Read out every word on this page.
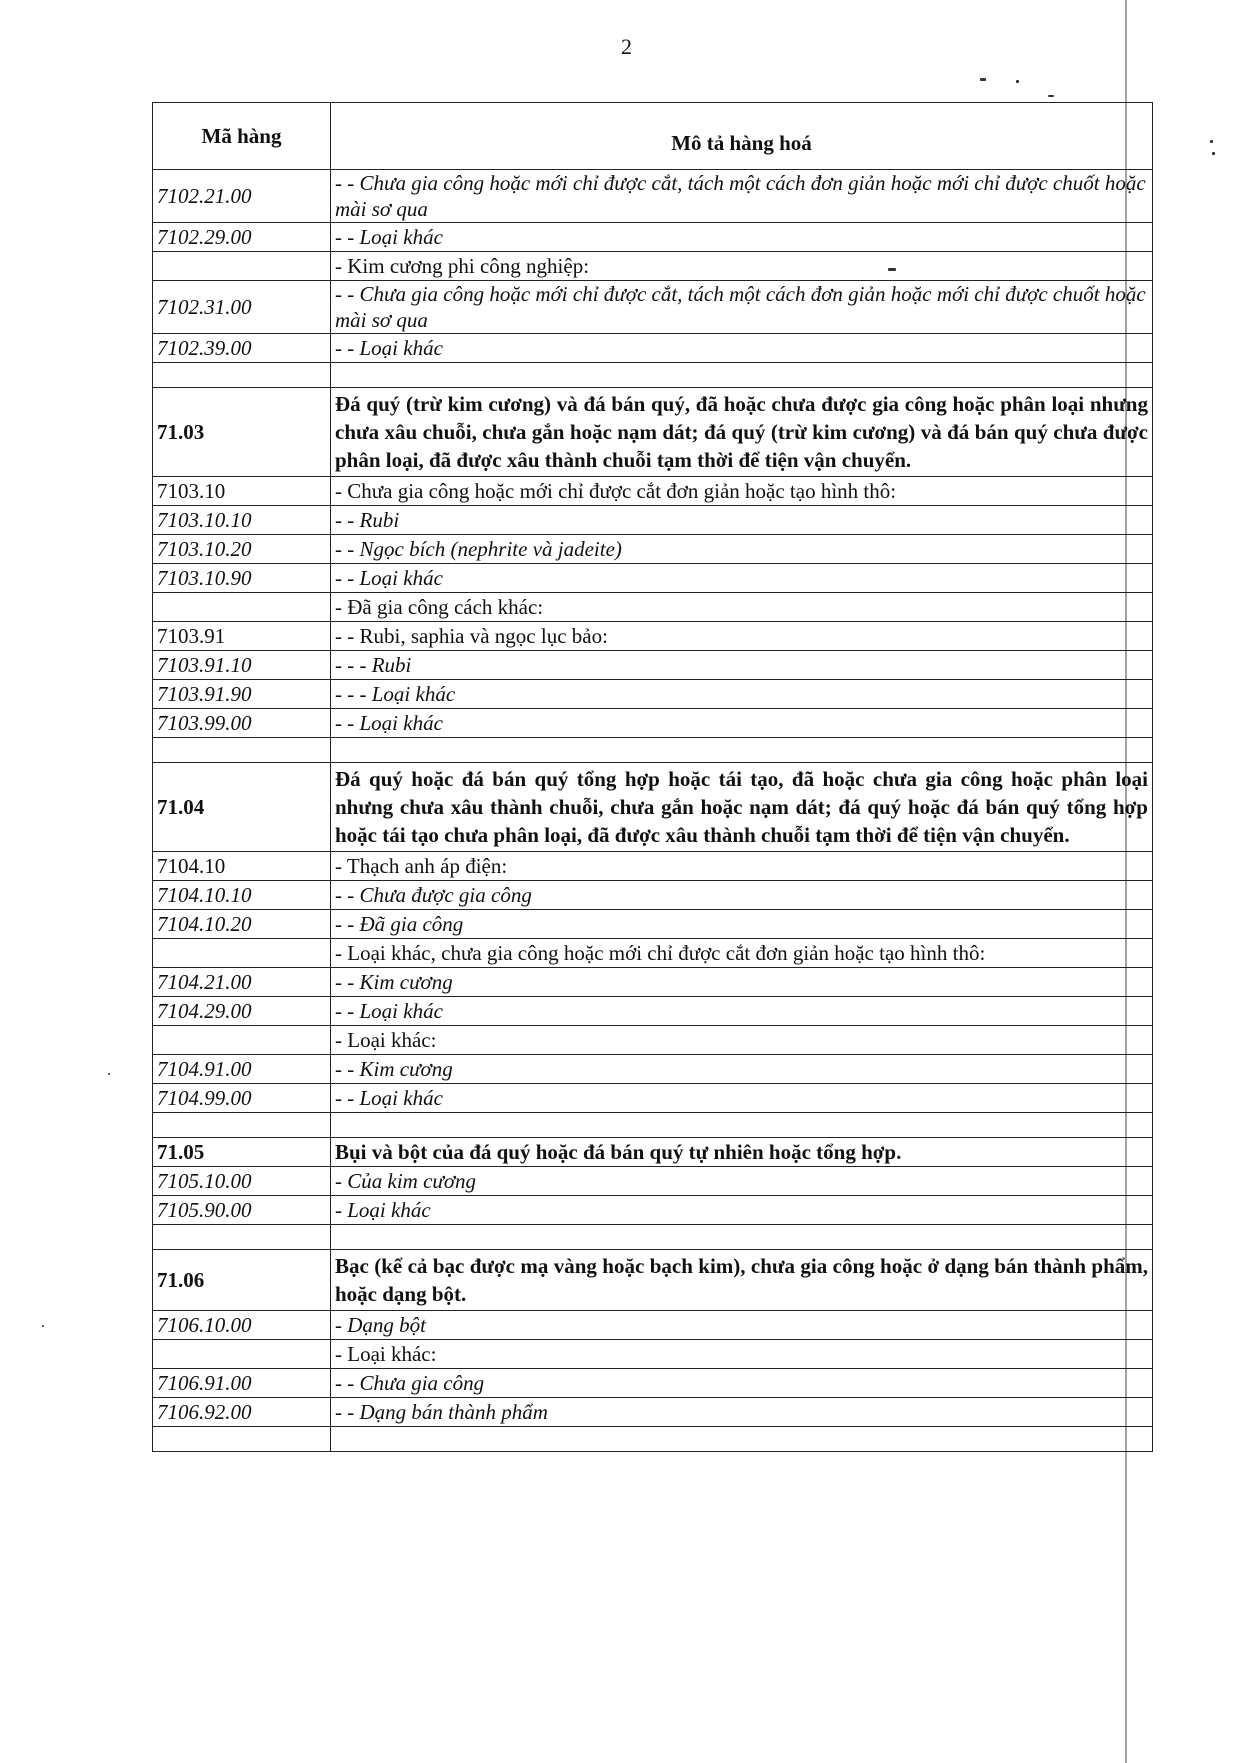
2
Mã hàng	Mô tả hàng hoá
7102.21.00	- - Chưa gia công hoặc mới chỉ được cắt, tách một cách đơn giản hoặc mới chỉ được chuốt hoặc mài sơ qua
7102.29.00	- - Loại khác
	- Kim cương phi công nghiệp:
7102.31.00	- - Chưa gia công hoặc mới chỉ được cắt, tách một cách đơn giản hoặc mới chỉ được chuốt hoặc mài sơ qua
7102.39.00	- - Loại khác

71.03	Đá quý (trừ kim cương) và đá bán quý, đã hoặc chưa được gia công hoặc phân loại nhưng chưa xâu chuỗi, chưa gắn hoặc nạm dát; đá quý (trừ kim cương) và đá bán quý chưa được phân loại, đã được xâu thành chuỗi tạm thời để tiện vận chuyển.
7103.10	- Chưa gia công hoặc mới chỉ được cắt đơn giản hoặc tạo hình thô:
7103.10.10	- - Rubi
7103.10.20	- - Ngọc bích (nephrite và jadeite)
7103.10.90	- - Loại khác
	- Đã gia công cách khác:
7103.91	- - Rubi, saphia và ngọc lục bảo:
7103.91.10	- - - Rubi
7103.91.90	- - - Loại khác
7103.99.00	- - Loại khác

71.04	Đá quý hoặc đá bán quý tổng hợp hoặc tái tạo, đã hoặc chưa gia công hoặc phân loại nhưng chưa xâu thành chuỗi, chưa gắn hoặc nạm dát; đá quý hoặc đá bán quý tổng hợp hoặc tái tạo chưa phân loại, đã được xâu thành chuỗi tạm thời để tiện vận chuyển.
7104.10	- Thạch anh áp điện:
7104.10.10	- - Chưa được gia công
7104.10.20	- - Đã gia công
	- Loại khác, chưa gia công hoặc mới chỉ được cắt đơn giản hoặc tạo hình thô:
7104.21.00	- - Kim cương
7104.29.00	- - Loại khác
	- Loại khác:
7104.91.00	- - Kim cương
7104.99.00	- - Loại khác

71.05	Bụi và bột của đá quý hoặc đá bán quý tự nhiên hoặc tổng hợp.
7105.10.00	- Của kim cương
7105.90.00	- Loại khác

71.06	Bạc (kể cả bạc được mạ vàng hoặc bạch kim), chưa gia công hoặc ở dạng bán thành phẩm, hoặc dạng bột.
7106.10.00	- Dạng bột
	- Loại khác:
7106.91.00	- - Chưa gia công
7106.92.00	- - Dạng bán thành phẩm
